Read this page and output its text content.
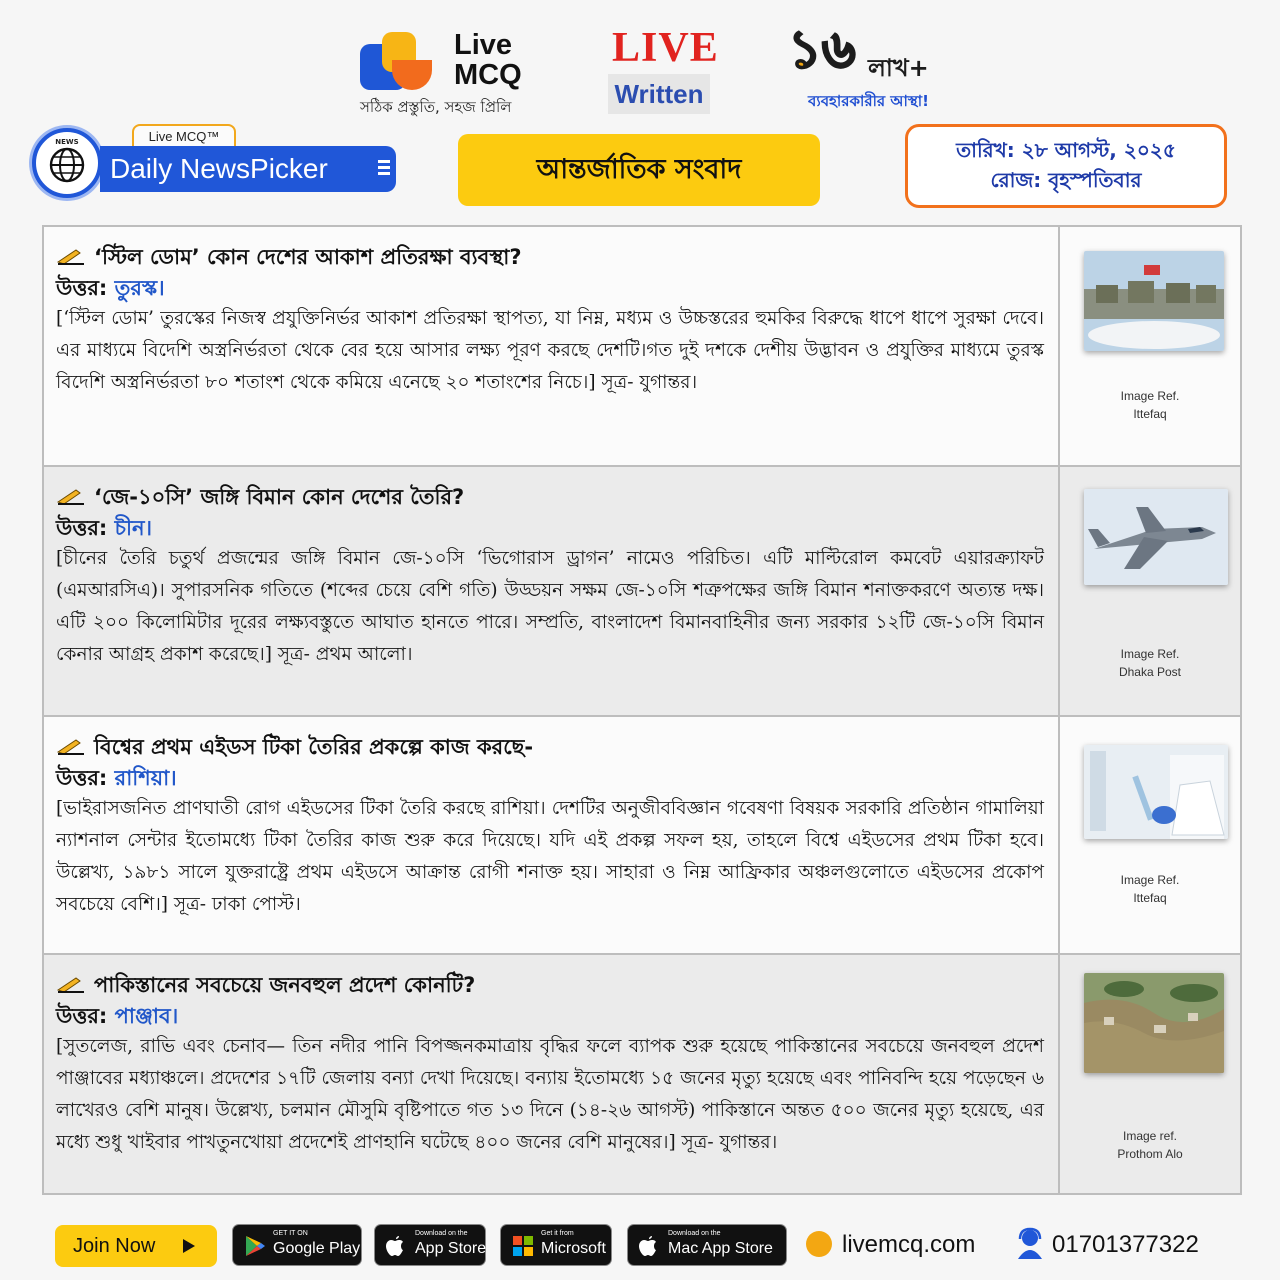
Live
MCQ
সঠিক প্রস্তুতি, সহজ প্রিলি
LIVE
Written
১৬ লাখ+
ব্যবহারকারীর আস্থা!
NEWS	Live MCQ™
Daily NewsPicker	আন্তর্জাতিক সংবাদ
তারিখ: ২৮ আগস্ট, ২০২৫
রোজ: বৃহস্পতিবার
‘স্টিল ডোম’ কোন দেশের আকাশ প্রতিরক্ষা ব্যবস্থা?
উত্তর: তুরস্ক।
[‘স্টিল ডোম’ তুরস্কের নিজস্ব প্রযুক্তিনির্ভর আকাশ প্রতিরক্ষা স্থাপত্য, যা নিম্ন, মধ্যম ও উচ্চস্তরের হুমকির বিরুদ্ধে ধাপে ধাপে সুরক্ষা দেবে। এর মাধ্যমে বিদেশি অস্ত্রনির্ভরতা থেকে বের হয়ে আসার লক্ষ্য পূরণ করছে দেশটি।গত দুই দশকে দেশীয় উদ্ভাবন ও প্রযুক্তির মাধ্যমে তুরস্ক বিদেশি অস্ত্রনির্ভরতা ৮০ শতাংশ থেকে কমিয়ে এনেছে ২০ শতাংশের নিচে।] সূত্র- যুগান্তর।
Image Ref.
Ittefaq
‘জে-১০সি’ জঙ্গি বিমান কোন দেশের তৈরি?
উত্তর: চীন।
[চীনের তৈরি চতুর্থ প্রজন্মের জঙ্গি বিমান জে-১০সি ‘ভিগোরাস ড্রাগন’ নামেও পরিচিত। এটি মাল্টিরোল কমবেট এয়ারক্র্যাফট (এমআরসিএ)। সুপারসনিক গতিতে (শব্দের চেয়ে বেশি গতি) উড্ডয়ন সক্ষম জে-১০সি শত্রুপক্ষের জঙ্গি বিমান শনাক্তকরণে অত্যন্ত দক্ষ। এটি ২০০ কিলোমিটার দূরের লক্ষ্যবস্তুতে আঘাত হানতে পারে। সম্প্রতি, বাংলাদেশ বিমানবাহিনীর জন্য সরকার ১২টি জে-১০সি বিমান কেনার আগ্রহ প্রকাশ করেছে।] সূত্র- প্রথম আলো।	Image Ref.
Dhaka Post
বিশ্বের প্রথম এইডস টিকা তৈরির প্রকল্পে কাজ করছে-
উত্তর: রাশিয়া।
[ভাইরাসজনিত প্রাণঘাতী রোগ এইডসের টিকা তৈরি করছে রাশিয়া। দেশটির অনুজীববিজ্ঞান গবেষণা বিষয়ক সরকারি প্রতিষ্ঠান গামালিয়া ন্যাশনাল সেন্টার ইতোমধ্যে টিকা তৈরির কাজ শুরু করে দিয়েছে। যদি এই প্রকল্প সফল হয়, তাহলে বিশ্বে এইডসের প্রথম টিকা হবে। উল্লেখ্য, ১৯৮১ সালে যুক্তরাষ্ট্রে প্রথম এইডসে আক্রান্ত রোগী শনাক্ত হয়। সাহারা ও নিম্ন আফ্রিকার অঞ্চলগুলোতে এইডসের প্রকোপ সবচেয়ে বেশি।] সূত্র- ঢাকা পোস্ট।
Image Ref.
Ittefaq
পাকিস্তানের সবচেয়ে জনবহুল প্রদেশ কোনটি?
উত্তর: পাঞ্জাব।
[সুতলেজ, রাভি এবং চেনাব— তিন নদীর পানি বিপজ্জনকমাত্রায় বৃদ্ধির ফলে ব্যাপক শুরু হয়েছে পাকিস্তানের সবচেয়ে জনবহুল প্রদেশ পাঞ্জাবের মধ্যাঞ্চলে। প্রদেশের ১৭টি জেলায় বন্যা দেখা দিয়েছে। বন্যায় ইতোমধ্যে ১৫ জনের মৃত্যু হয়েছে এবং পানিবন্দি হয়ে পড়েছেন ৬ লাখেরও বেশি মানুষ। উল্লেখ্য, চলমান মৌসুমি বৃষ্টিপাতে গত ১৩ দিনে (১৪-২৬ আগস্ট) পাকিস্তানে অন্তত ৫০০ জনের মৃত্যু হয়েছে, এর মধ্যে শুধু খাইবার পাখতুনখোয়া প্রদেশেই প্রাণহানি ঘটেছে ৪০০ জনের বেশি মানুষের।] সূত্র- যুগান্তর।	Image ref.
Prothom Alo
Join Now
GET IT ON
Google Play
Download on the
App Store
Get it from
Microsoft
Download on the
Mac App Store	livemcq.com	01701377322
